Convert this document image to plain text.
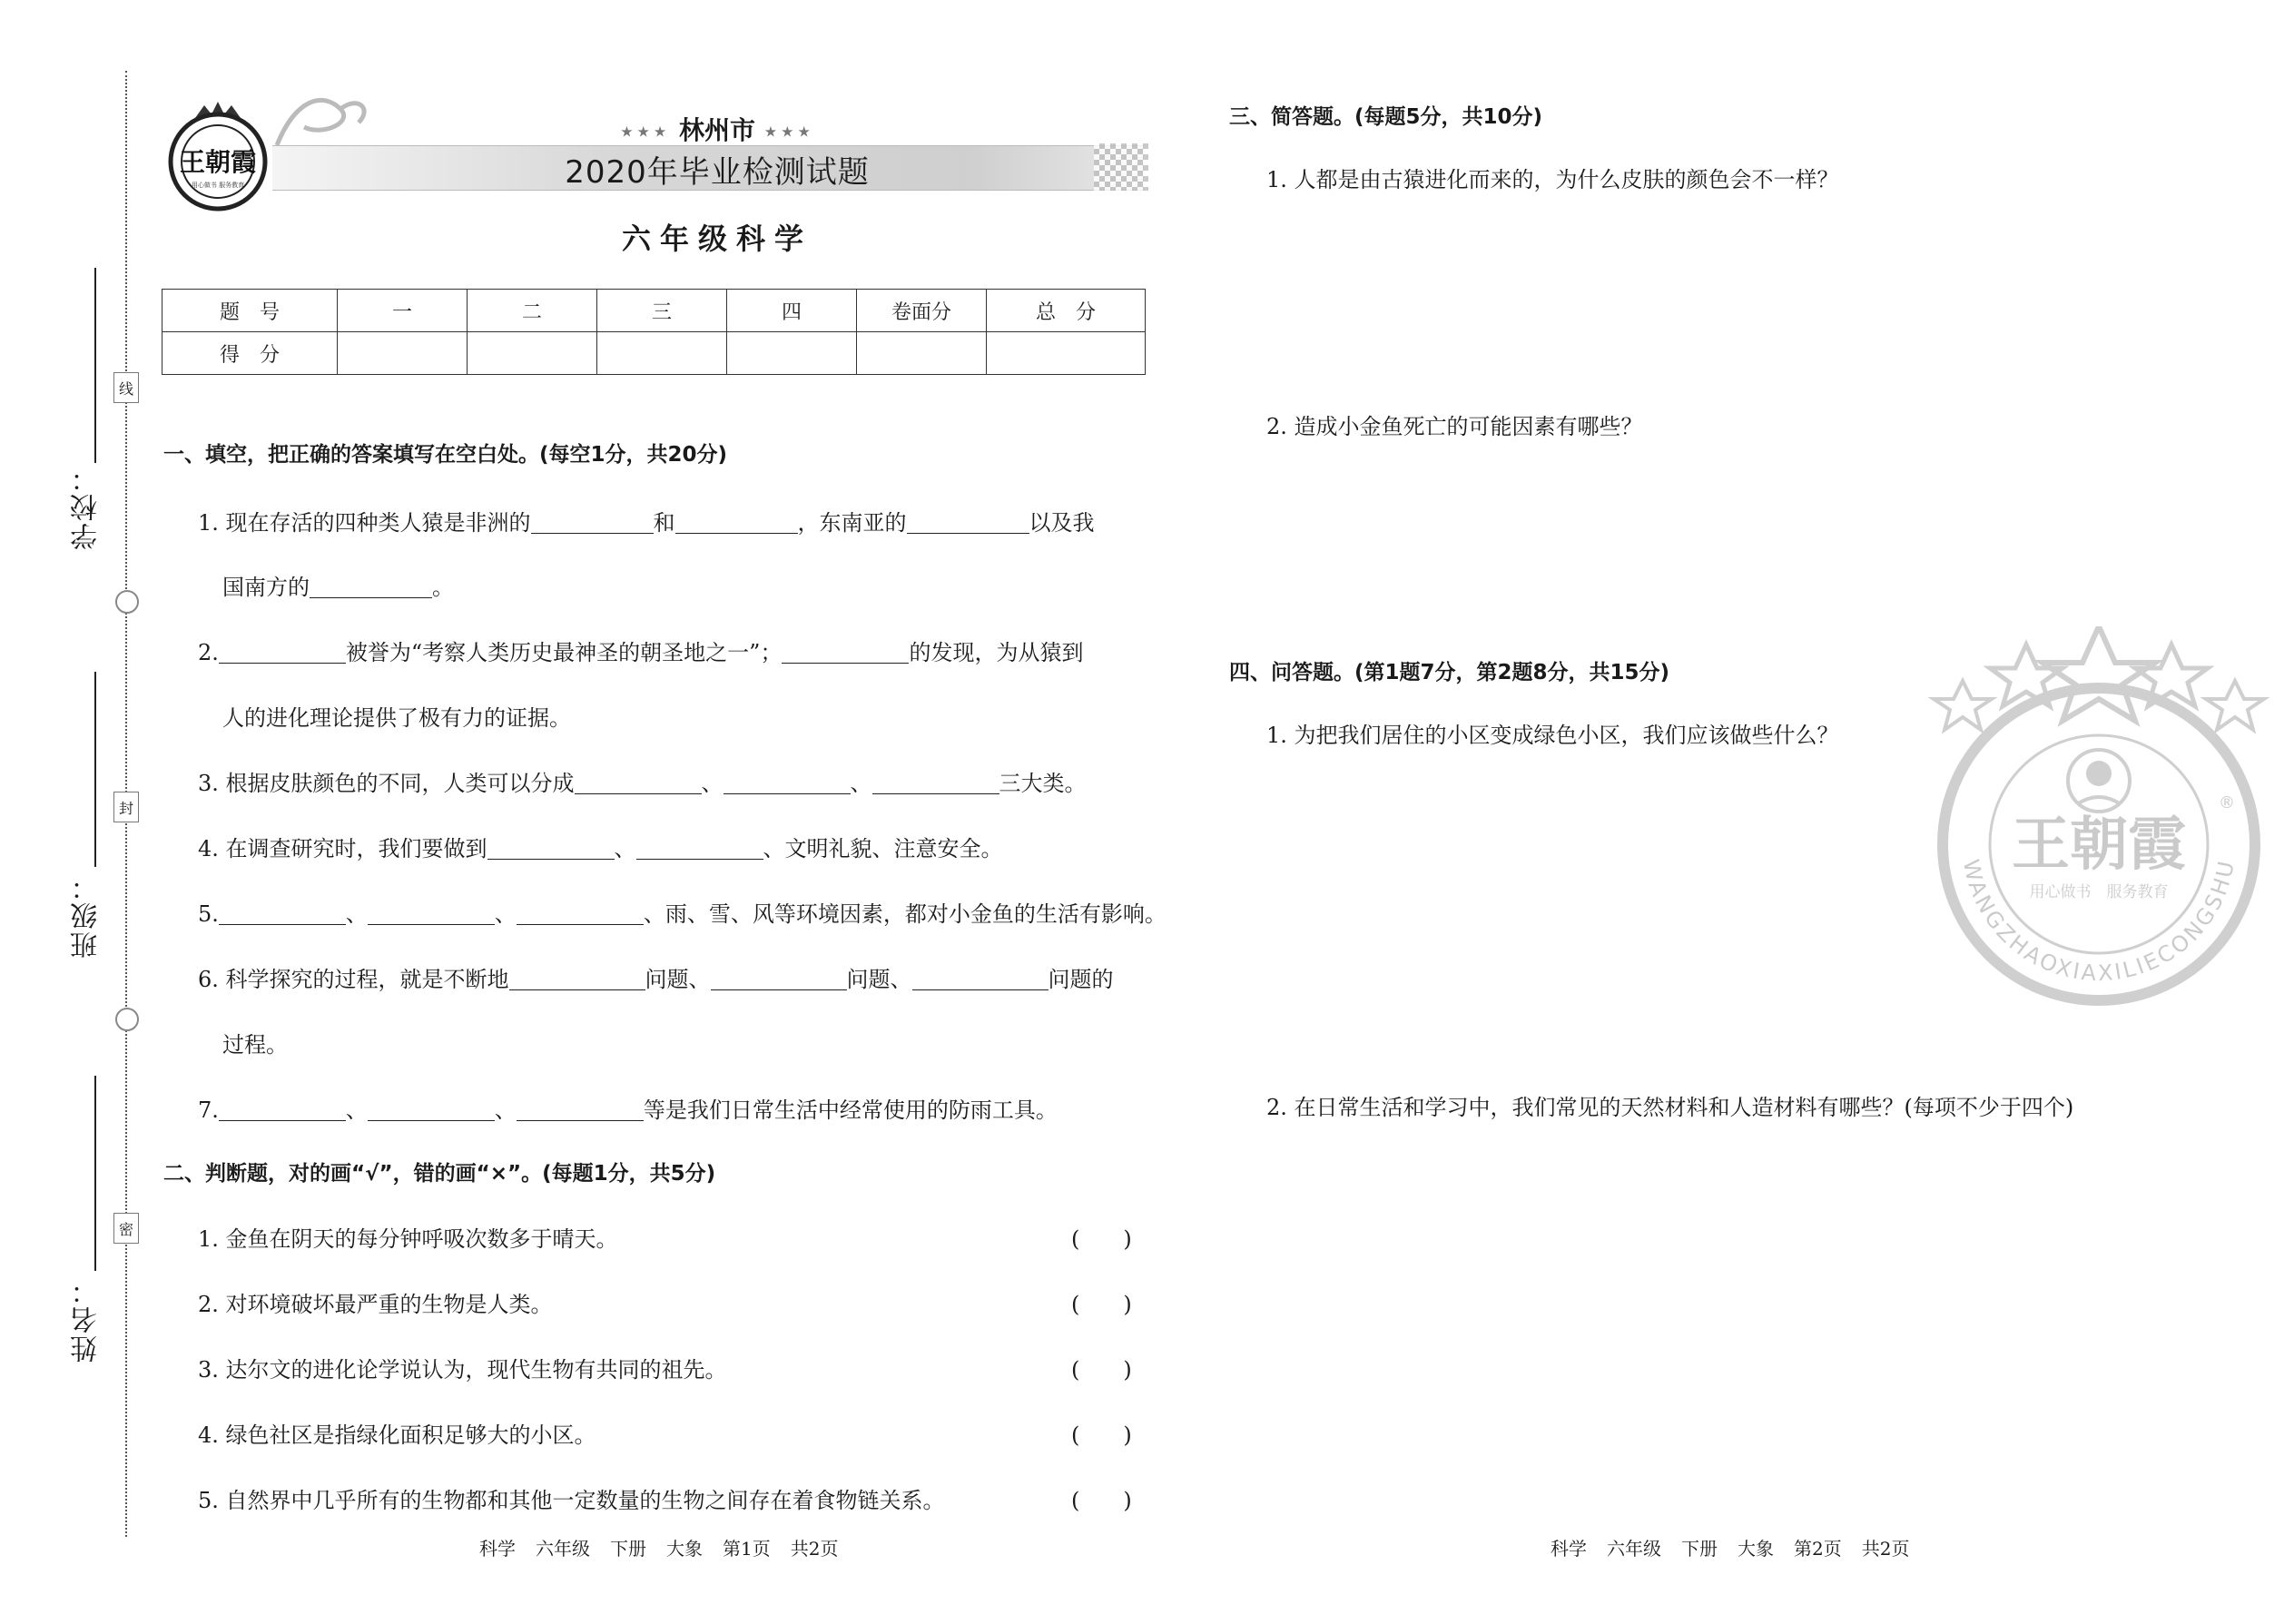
线
封
密
学校：
班级：
姓名：
王朝霞
用心做书 服务教育
★★★ 林州市 ★★★
2020年毕业检测试题
六年级科学
题　号	一	二	三	四	卷面分	总　分
得　分						
一、填空，把正确的答案填写在空白处。(每空1分，共20分)
1. 现在存活的四种类人猿是非洲的	和	，东南亚的	以及我
国南方的	。
2.	被誉为“考察人类历史最神圣的朝圣地之一”；	的发现，为从猿到
人的进化理论提供了极有力的证据。
3. 根据皮肤颜色的不同，人类可以分成	、	、	三大类。
4. 在调查研究时，我们要做到	、	、文明礼貌、注意安全。
5.	、	、	、雨、雪、风等环境因素，都对小金鱼的生活有影响。
6. 科学探究的过程，就是不断地	问题、	问题、	问题的
过程。
7.	、	、	等是我们日常生活中经常使用的防雨工具。
二、判断题，对的画“√”，错的画“×”。(每题1分，共5分)
1. 金鱼在阴天的每分钟呼吸次数多于晴天。	(　　)
2. 对环境破坏最严重的生物是人类。	(　　)
3. 达尔文的进化论学说认为，现代生物有共同的祖先。	(　　)
4. 绿色社区是指绿化面积足够大的小区。	(　　)
5. 自然界中几乎所有的生物都和其他一定数量的生物之间存在着食物链关系。	(　　)
科学 六年级 下册 大象 第1页 共2页
三、简答题。(每题5分，共10分)
1. 人都是由古猿进化而来的，为什么皮肤的颜色会不一样？
2. 造成小金鱼死亡的可能因素有哪些？
四、问答题。(第1题7分，第2题8分，共15分)
1. 为把我们居住的小区变成绿色小区，我们应该做些什么？
2. 在日常生活和学习中，我们常见的天然材料和人造材料有哪些？(每项不少于四个)
科学 六年级 下册 大象 第2页 共2页
王朝霞
®
用心做书　服务教育
WANGZHAOXIAXILIECONGSHU
